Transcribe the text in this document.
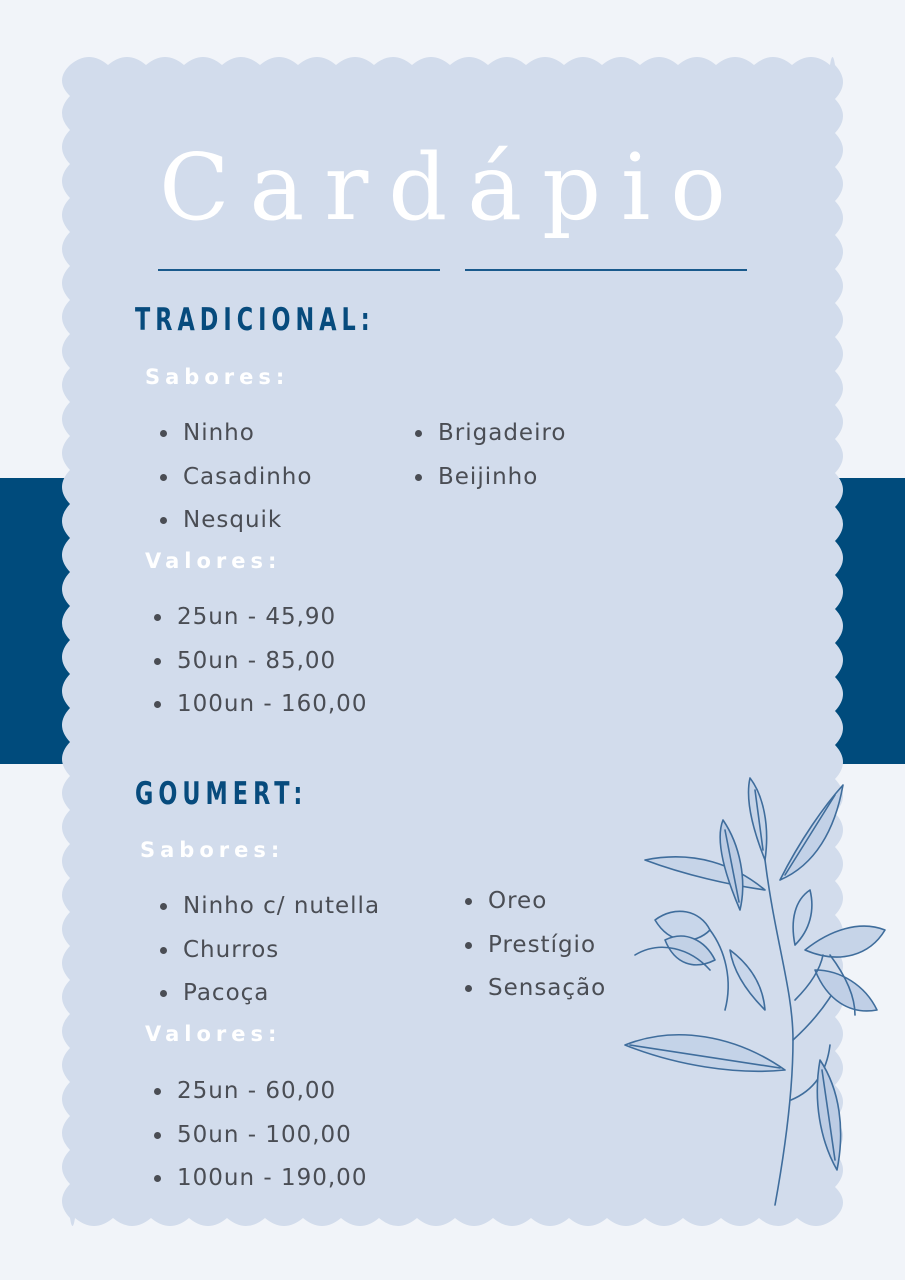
Cardápio
TRADICIONAL:
Sabores:
Ninho
Casadinho
Nesquik
Brigadeiro
Beijinho
Valores:
25un - 45,90
50un - 85,00
100un - 160,00
GOUMERT:
Sabores:
Ninho c/ nutella
Churros
Pacoça
Oreo
Prestígio
Sensação
Valores:
25un - 60,00
50un - 100,00
100un - 190,00
